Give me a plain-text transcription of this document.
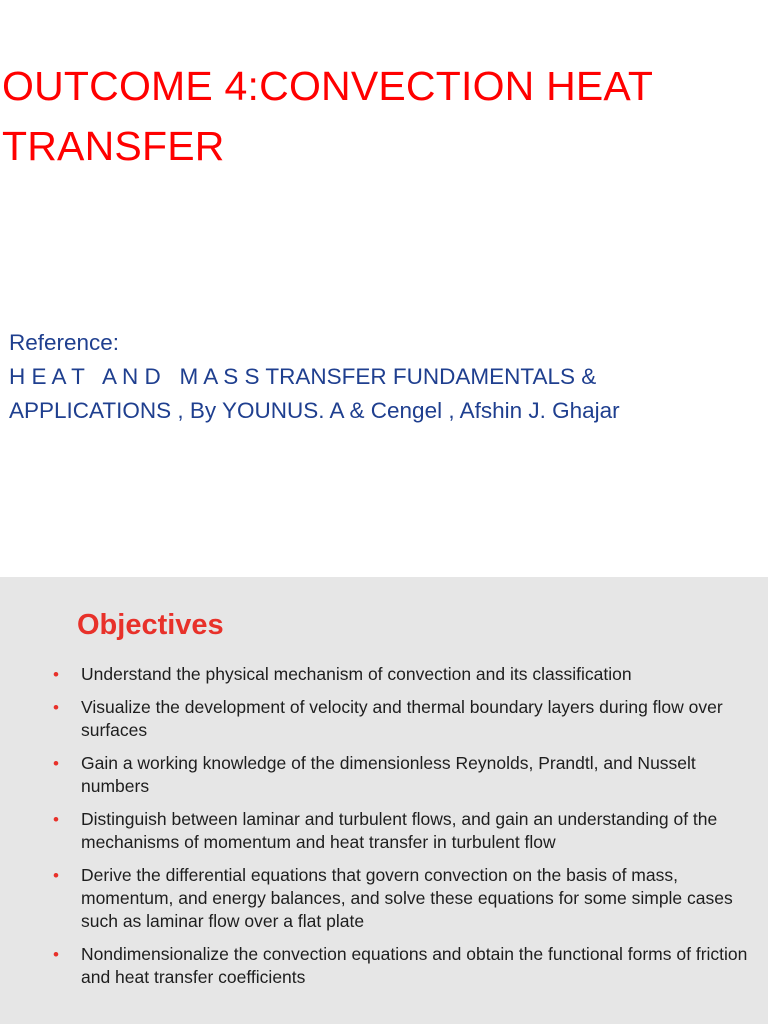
OUTCOME 4:CONVECTION HEAT TRANSFER
Reference:
H E A T   A N D   M A S S TRANSFER FUNDAMENTALS &
APPLICATIONS , By YOUNUS. A & Cengel , Afshin J. Ghajar
Objectives
• Understand the physical mechanism of convection and its classification
• Visualize the development of velocity and thermal boundary layers during flow over surfaces
• Gain a working knowledge of the dimensionless Reynolds, Prandtl, and Nusselt numbers
• Distinguish between laminar and turbulent flows, and gain an understanding of the mechanisms of momentum and heat transfer in turbulent flow
• Derive the differential equations that govern convection on the basis of mass, momentum, and energy balances, and solve these equations for some simple cases such as laminar flow over a flat plate
• Nondimensionalize the convection equations and obtain the functional forms of friction and heat transfer coefficients
